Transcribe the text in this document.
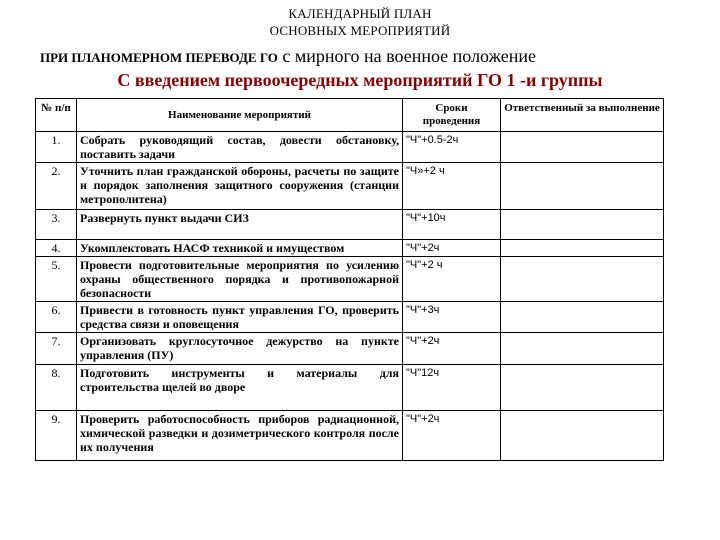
КАЛЕНДАРНЫЙ ПЛАН
ОСНОВНЫХ МЕРОПРИЯТИЙ
ПРИ ПЛАНОМЕРНОМ ПЕРЕВОДЕ ГО с мирного на военное положение
С введением первоочередных мероприятий ГО 1 -и группы
№ п/п	Наименование мероприятий	Сроки проведения	Ответственный за выполнение
1.	Собрать руководящий состав, довести обстановку, поставить задачи	"Ч"+0.5-2ч	
2.	Уточнить план гражданской обороны, расчеты по защите и порядок заполнения защитного сооружения (станции метрополитена)	"Ч»+2 ч	
3.	Развернуть пункт выдачи СИЗ	"Ч"+10ч	
4.	Укомплектовать НАСФ техникой и имуществом	"Ч"+2ч	
5.	Провести подготовительные мероприятия по усилению охраны общественного порядка и противопожарной безопасности	"Ч"+2 ч	
6.	Привести в готовность пункт управления ГО, проверить средства связи и оповещения	"Ч"+3ч	
7.	Организовать круглосуточное дежурство на пункте управления (ПУ)	"Ч"+2ч	
8.	Подготовить инструменты и материалы для строительства щелей во дворе	"Ч"12ч	
9.	Проверить работоспособность приборов радиационной, химической разведки и дозиметрического контроля после их получения	"Ч"+2ч	
